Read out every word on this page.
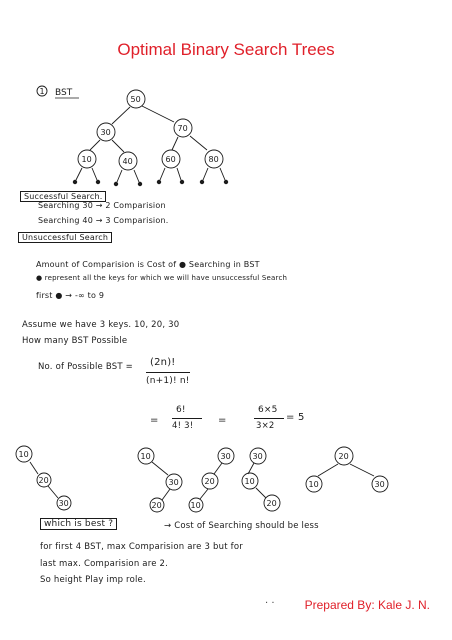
Optimal Binary Search Trees
1 BST
50
30	70
10	40	60	80
10
20
30
10
30
20
30
20
10
30
10
20
20
10	30
Successful Search.
Searching 30 → 2 Comparision
Searching 40 → 3 Comparision.
Unsuccessful Search
Amount of Comparision is Cost of ● Searching in BST
● represent all the keys for which we will have unsuccessful Search
first ● → -∞ to 9
Assume we have 3 keys. 10, 20, 30
How many BST Possible
No. of Possible BST = (2n)!
(n+1)! n!
=
6!
4! 3! =
6×5
3×2
= 5
which is best ?	→ Cost of Searching should be less
for first 4 BST, max Comparision are 3 but for
last max. Comparision are 2.
So height Play imp role.
· ·	Prepared By: Kale J. N.
